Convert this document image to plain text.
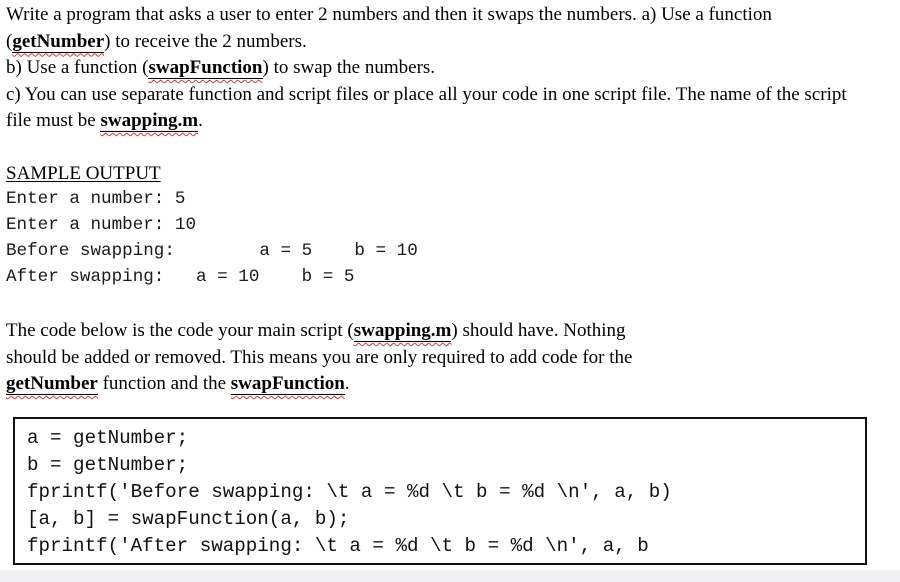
Write a program that asks a user to enter 2 numbers and then it swaps the numbers. a) Use a function
(getNumber) to receive the 2 numbers.
b) Use a function (swapFunction) to swap the numbers.
c) You can use separate function and script files or place all your code in one script file. The name of the script
file must be swapping.m.

SAMPLE OUTPUT
Enter a number: 5
Enter a number: 10
Before swapping:        a = 5    b = 10
After swapping:   a = 10    b = 5

The code below is the code your main script (swapping.m) should have. Nothing
should be added or removed. This means you are only required to add code for the
getNumber function and the swapFunction.

a = getNumber;
b = getNumber;
fprintf('Before swapping: \t a = %d \t b = %d \n', a, b)
[a, b] = swapFunction(a, b);
fprintf('After swapping: \t a = %d \t b = %d \n', a, b
